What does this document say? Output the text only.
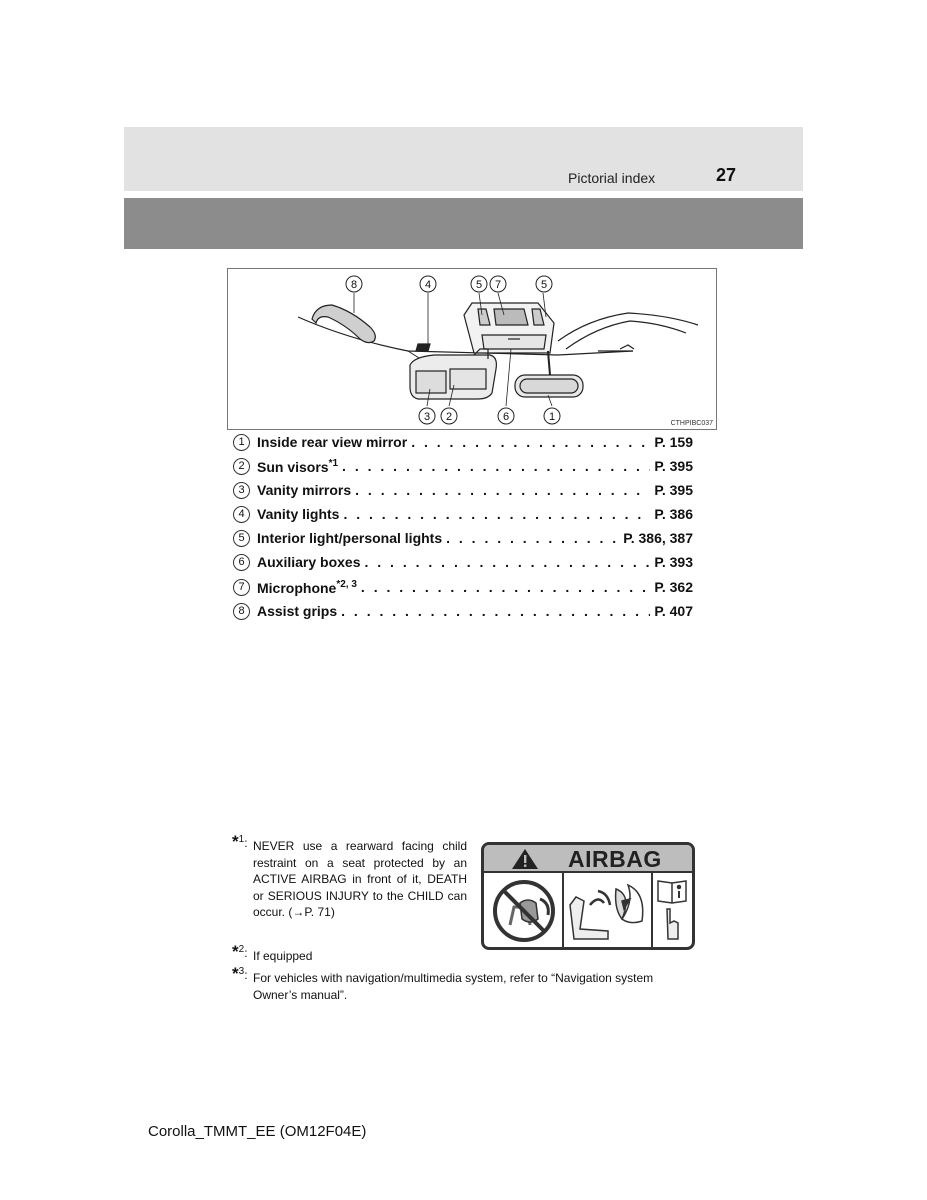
Pictorial index	27
8	4	5 7	5
3 2	6	1
CTHPIBC037
1 Inside rear view mirror . . .	P. 159
2 Sun visors$^{*1}$ . . .	P. 395
3 Vanity mirrors . . .	P. 395
4 Vanity lights . . .	P. 386
5 Interior light/personal lights . . .	P. 386, 387
6 Auxiliary boxes . . .	P. 393
7 Microphone$^{*2, 3}$ . . .	P. 362
8 Assist grips . . .	P. 407
*$^1$: NEVER use a rearward facing child restraint on a seat protected by an ACTIVE AIRBAG in front of it, DEATH or SERIOUS INJURY to the CHILD can occur. (→P. 71)
AIRBAG
*$^2$: If equipped
*$^3$: For vehicles with navigation/multimedia system, refer to “Navigation system Owner’s manual”.
Corolla_TMMT_EE (OM12F04E)
